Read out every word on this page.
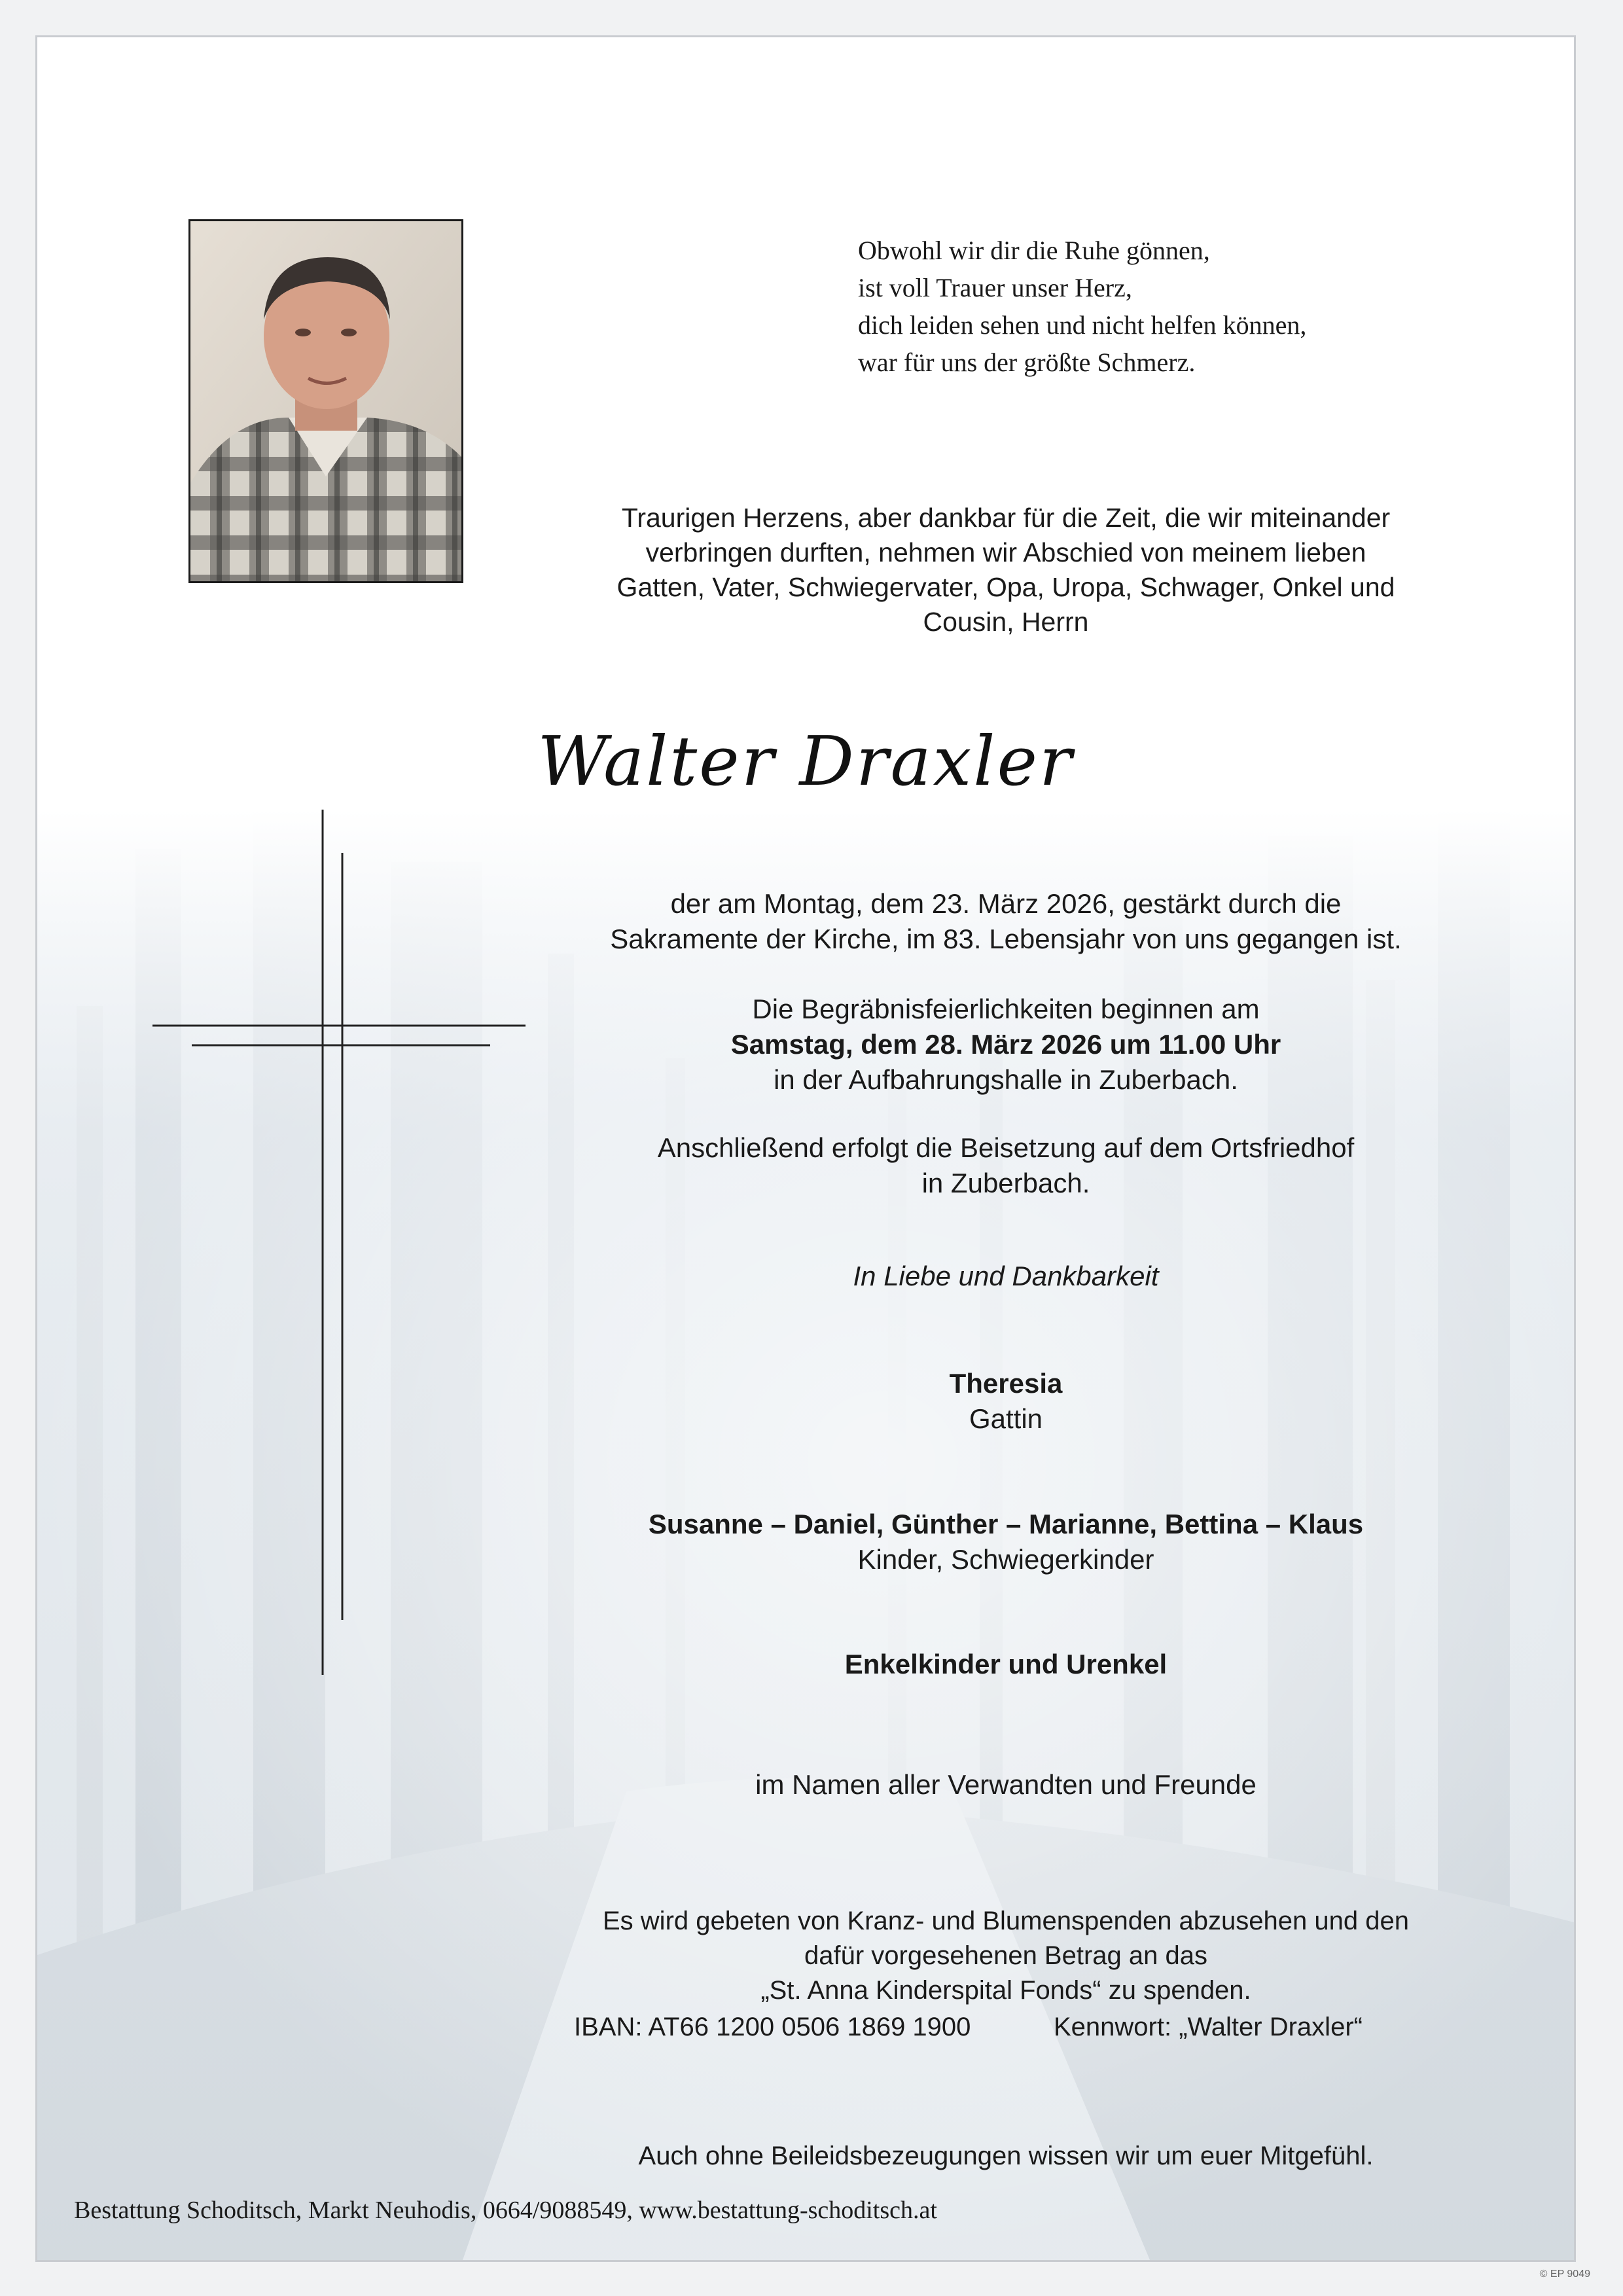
Obwohl wir dir die Ruhe gönnen,
ist voll Trauer unser Herz,
dich leiden sehen und nicht helfen können,
war für uns der größte Schmerz.
Traurigen Herzens, aber dankbar für die Zeit, die wir miteinander
verbringen durften, nehmen wir Abschied von meinem lieben
Gatten, Vater, Schwiegervater, Opa, Uropa, Schwager, Onkel und
Cousin, Herrn
Walter Draxler
der am Montag, dem 23. März 2026, gestärkt durch die
Sakramente der Kirche, im 83. Lebensjahr von uns gegangen ist.
Die Begräbnisfeierlichkeiten beginnen am
Samstag, dem 28. März 2026 um 11.00 Uhr
in der Aufbahrungshalle in Zuberbach.
Anschließend erfolgt die Beisetzung auf dem Ortsfriedhof
in Zuberbach.
In Liebe und Dankbarkeit
Theresia
Gattin
Susanne – Daniel, Günther – Marianne, Bettina – Klaus
Kinder, Schwiegerkinder
Enkelkinder und Urenkel
im Namen aller Verwandten und Freunde
Es wird gebeten von Kranz- und Blumenspenden abzusehen und den
dafür vorgesehenen Betrag an das
„St. Anna Kinderspital Fonds“ zu spenden.
IBAN: AT66 1200 0506 1869 1900	Kennwort: „Walter Draxler“
Auch ohne Beileidsbezeugungen wissen wir um euer Mitgefühl.
Bestattung Schoditsch, Markt Neuhodis, 0664/9088549, www.bestattung-schoditsch.at
© EP 9049
